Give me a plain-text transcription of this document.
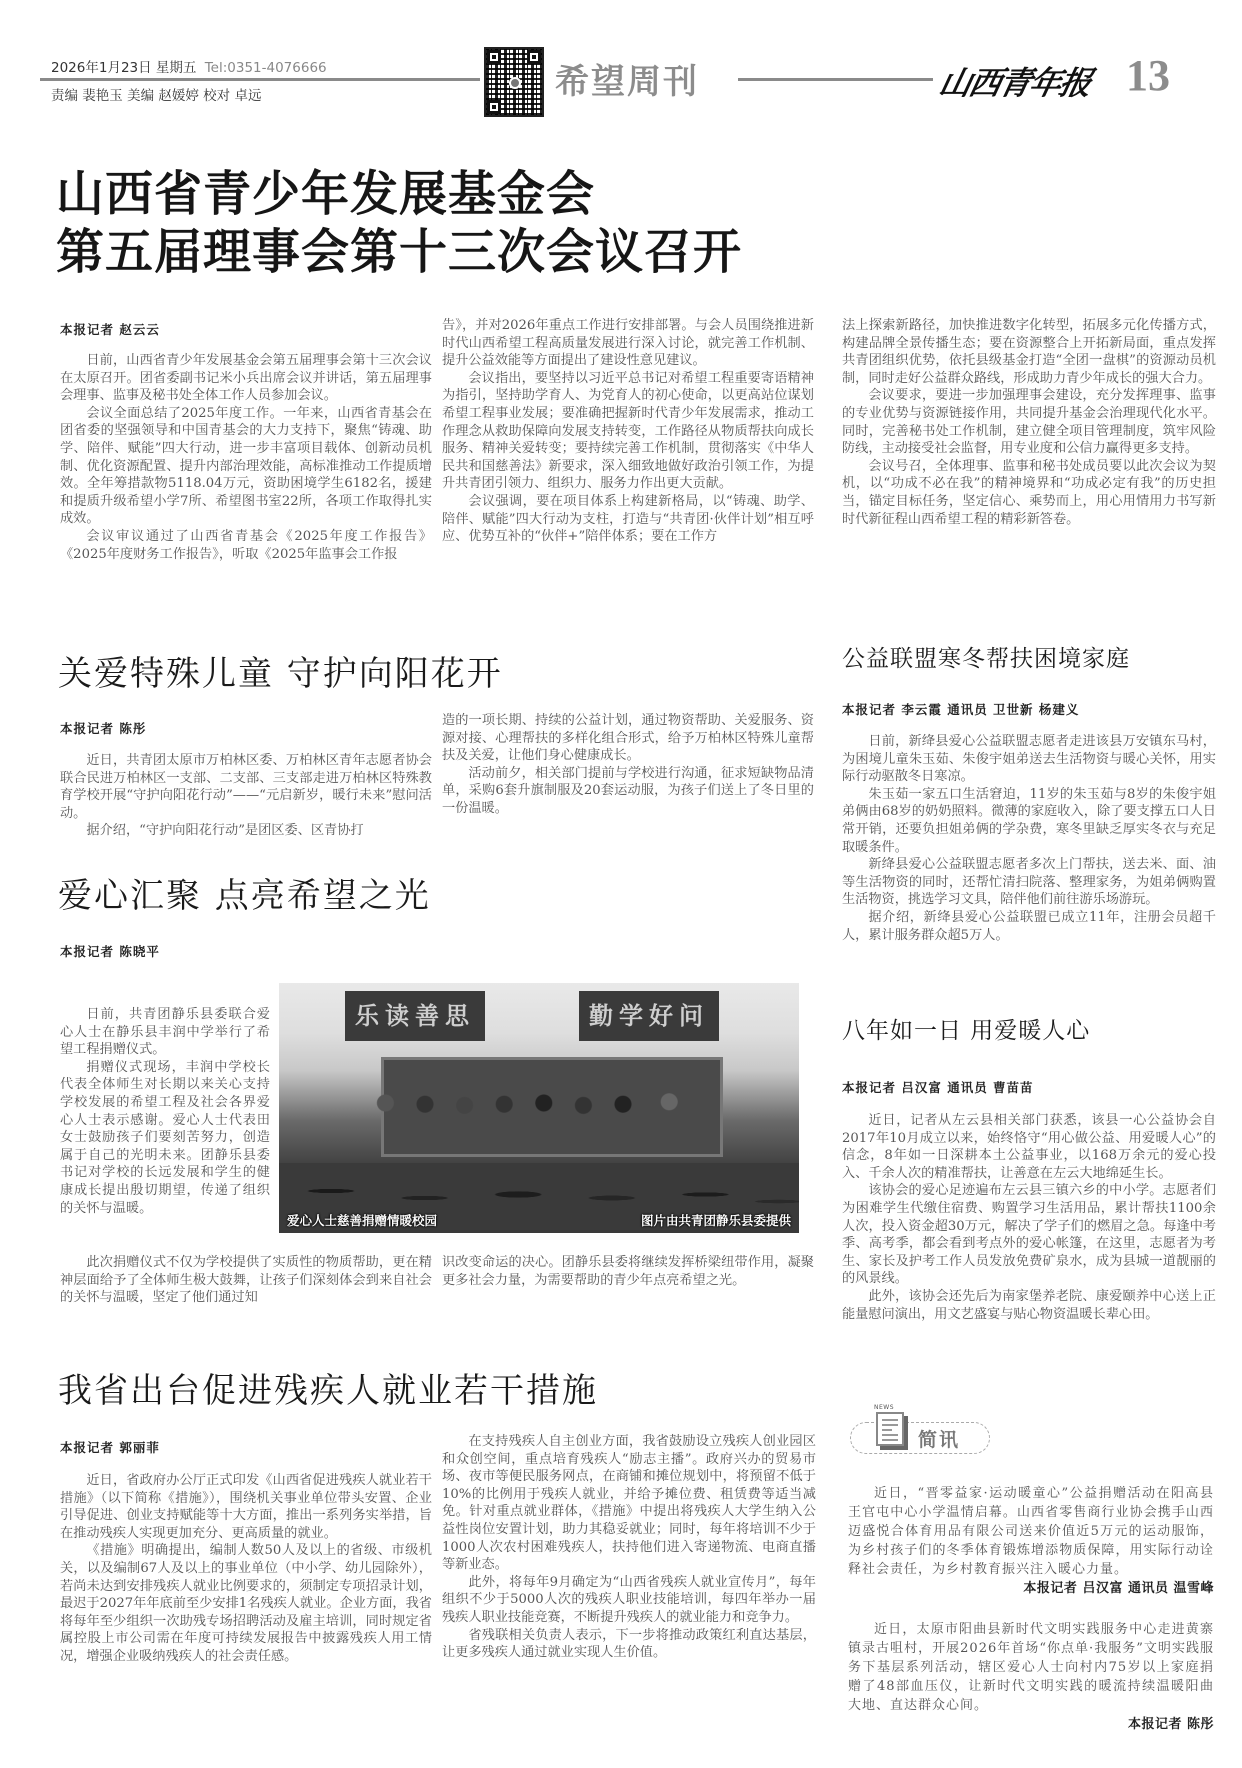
2026年1月23日 星期五 Tel:0351-4076666
责编 裴艳玉 美编 赵媛婷 校对 卓远	希望周刊	山西青年报 13
山西省青少年发展基金会
第五届理事会第十三次会议召开
本报记者 赵云云

日前，山西省青少年发展基金会第五届理事会第十三次会议在太原召开。团省委副书记米小兵出席会议并讲话，第五届理事会理事、监事及秘书处全体工作人员参加会议。

会议全面总结了2025年度工作。一年来，山西省青基会在团省委的坚强领导和中国青基会的大力支持下，聚焦“铸魂、助学、陪伴、赋能”四大行动，进一步丰富项目载体、创新动员机制、优化资源配置、提升内部治理效能，高标准推动工作提质增效。全年筹措款物5118.04万元，资助困境学生6182名，援建和提质升级希望小学7所、希望图书室22所，各项工作取得扎实成效。

会议审议通过了山西省青基会《2025年度工作报告》《2025年度财务工作报告》，听取《2025年监事会工作报

告》，并对2026年重点工作进行安排部署。与会人员围绕推进新时代山西希望工程高质量发展进行深入讨论，就完善工作机制、提升公益效能等方面提出了建设性意见建议。

会议指出，要坚持以习近平总书记对希望工程重要寄语精神为指引，坚持助学育人、为党育人的初心使命，以更高站位谋划希望工程事业发展；要准确把握新时代青少年发展需求，推动工作理念从救助保障向发展支持转变，工作路径从物质帮扶向成长服务、精神关爱转变；要持续完善工作机制，贯彻落实《中华人民共和国慈善法》新要求，深入细致地做好政治引领工作，为提升共青团引领力、组织力、服务力作出更大贡献。

会议强调，要在项目体系上构建新格局，以“铸魂、助学、陪伴、赋能”四大行动为支柱，打造与“共青团·伙伴计划”相互呼应、优势互补的“伙伴+”陪伴体系；要在工作方

法上探索新路径，加快推进数字化转型，拓展多元化传播方式，构建品牌全景传播生态；要在资源整合上开拓新局面，重点发挥共青团组织优势，依托县级基金打造“全团一盘棋”的资源动员机制，同时走好公益群众路线，形成助力青少年成长的强大合力。

会议要求，要进一步加强理事会建设，充分发挥理事、监事的专业优势与资源链接作用，共同提升基金会治理现代化水平。同时，完善秘书处工作机制，建立健全项目管理制度，筑牢风险防线，主动接受社会监督，用专业度和公信力赢得更多支持。

会议号召，全体理事、监事和秘书处成员要以此次会议为契机，以“功成不必在我”的精神境界和“功成必定有我”的历史担当，锚定目标任务，坚定信心、乘势而上，用心用情用力书写新时代新征程山西希望工程的精彩新答卷。

关爱特殊儿童 守护向阳花开
本报记者 陈彤

近日，共青团太原市万柏林区委、万柏林区青年志愿者协会联合民进万柏林区一支部、二支部、三支部走进万柏林区特殊教育学校开展“守护向阳花行动”——“元启新岁，暖行未来”慰问活动。

据介绍，“守护向阳花行动”是团区委、区青协打

造的一项长期、持续的公益计划，通过物资帮助、关爱服务、资源对接、心理帮扶的多样化组合形式，给予万柏林区特殊儿童帮扶及关爱，让他们身心健康成长。

活动前夕，相关部门提前与学校进行沟通，征求短缺物品清单，采购6套升旗制服及20套运动服，为孩子们送上了冬日里的一份温暖。

公益联盟寒冬帮扶困境家庭
本报记者 李云霞 通讯员 卫世新 杨建义

日前，新绛县爱心公益联盟志愿者走进该县万安镇东马村，为困境儿童朱玉茹、朱俊宇姐弟送去生活物资与暖心关怀，用实际行动驱散冬日寒凉。

朱玉茹一家五口生活窘迫，11岁的朱玉茹与8岁的朱俊宇姐弟俩由68岁的奶奶照料。微薄的家庭收入，除了要支撑五口人日常开销，还要负担姐弟俩的学杂费，寒冬里缺乏厚实冬衣与充足取暖条件。

新绛县爱心公益联盟志愿者多次上门帮扶，送去米、面、油等生活物资的同时，还帮忙清扫院落、整理家务，为姐弟俩购置生活物资，挑选学习文具，陪伴他们前往游乐场游玩。

据介绍，新绛县爱心公益联盟已成立11年，注册会员超千人，累计服务群众超5万人。

爱心汇聚 点亮希望之光
本报记者 陈晓平

日前，共青团静乐县委联合爱心人士在静乐县丰润中学举行了希望工程捐赠仪式。

捐赠仪式现场，丰润中学校长代表全体师生对长期以来关心支持学校发展的希望工程及社会各界爱心人士表示感谢。爱心人士代表田女士鼓励孩子们要刻苦努力，创造属于自己的光明未来。团静乐县委书记对学校的长远发展和学生的健康成长提出殷切期望，传递了组织的关怀与温暖。

此次捐赠仪式不仅为学校提供了实质性的物质帮助，更在精神层面给予了全体师生极大鼓舞，让孩子们深刻体会到来自社会的关怀与温暖，坚定了他们通过知

识改变命运的决心。团静乐县委将继续发挥桥梁纽带作用，凝聚更多社会力量，为需要帮助的青少年点亮希望之光。

乐读善思	勤学好问
爱心人士慈善捐赠情暖校园	图片由共青团静乐县委提供
八年如一日 用爱暖人心
本报记者 吕汉富 通讯员 曹苗苗

近日，记者从左云县相关部门获悉，该县一心公益协会自2017年10月成立以来，始终恪守“用心做公益、用爱暖人心”的信念，8年如一日深耕本土公益事业，以168万余元的爱心投入、千余人次的精准帮扶，让善意在左云大地绵延生长。

该协会的爱心足迹遍布左云县三镇六乡的中小学。志愿者们为困难学生代缴住宿费、购置学习生活用品，累计帮扶1100余人次，投入资金超30万元，解决了学子们的燃眉之急。每逢中考季、高考季，都会看到考点外的爱心帐篷，在这里，志愿者为考生、家长及护考工作人员发放免费矿泉水，成为县城一道靓丽的的风景线。

此外，该协会还先后为南家堡养老院、康爱颐养中心送上正能量慰问演出，用文艺盛宴与贴心物资温暖长辈心田。

我省出台促进残疾人就业若干措施
本报记者 郭丽菲

近日，省政府办公厅正式印发《山西省促进残疾人就业若干措施》（以下简称《措施》），围绕机关事业单位带头安置、企业引导促进、创业支持赋能等十大方面，推出一系列务实举措，旨在推动残疾人实现更加充分、更高质量的就业。

《措施》明确提出，编制人数50人及以上的省级、市级机关，以及编制67人及以上的事业单位（中小学、幼儿园除外），若尚未达到安排残疾人就业比例要求的，须制定专项招录计划，最迟于2027年年底前至少安排1名残疾人就业。企业方面，我省将每年至少组织一次助残专场招聘活动及雇主培训，同时规定省属控股上市公司需在年度可持续发展报告中披露残疾人用工情况，增强企业吸纳残疾人的社会责任感。

在支持残疾人自主创业方面，我省鼓励设立残疾人创业园区和众创空间，重点培育残疾人“励志主播”。政府兴办的贸易市场、夜市等便民服务网点，在商铺和摊位规划中，将预留不低于10%的比例用于残疾人就业，并给予摊位费、租赁费等适当减免。针对重点就业群体，《措施》中提出将残疾人大学生纳入公益性岗位安置计划，助力其稳妥就业；同时，每年将培训不少于1000人次农村困难残疾人，扶持他们进入寄递物流、电商直播等新业态。

此外，将每年9月确定为“山西省残疾人就业宣传月”，每年组织不少于5000人次的残疾人职业技能培训，每四年举办一届残疾人职业技能竞赛，不断提升残疾人的就业能力和竞争力。

省残联相关负责人表示，下一步将推动政策红利直达基层，让更多残疾人通过就业实现人生价值。

NEWS
简讯

近日，“晋零益家·运动暖童心”公益捐赠活动在阳高县王官屯中心小学温情启幕。山西省零售商行业协会携手山西迈盛悦合体育用品有限公司送来价值近5万元的运动服饰，为乡村孩子们的冬季体育锻炼增添物质保障，用实际行动诠释社会责任，为乡村教育振兴注入暖心力量。
本报记者 吕汉富 通讯员 温雪峰

近日，太原市阳曲县新时代文明实践服务中心走进黄寨镇录古咀村，开展2026年首场“你点单·我服务”文明实践服务下基层系列活动，辖区爱心人士向村内75岁以上家庭捐赠了48部血压仪，让新时代文明实践的暖流持续温暖阳曲大地、直达群众心间。

本报记者 陈彤
